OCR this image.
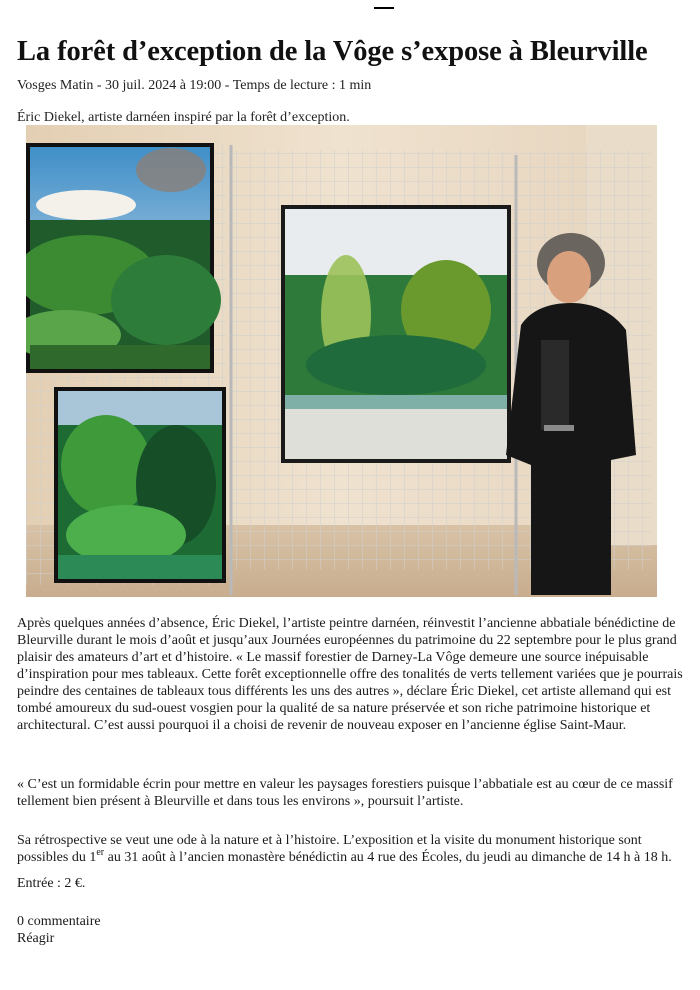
La forêt d’exception de la Vôge s’expose à Bleurville
Vosges Matin - 30 juil. 2024 à 19:00 - Temps de lecture : 1 min
Éric Diekel, artiste darnéen inspiré par la forêt d’exception.

Après quelques années d’absence, Éric Diekel, l’artiste peintre darnéen, réinvestit l’ancienne abbatiale bénédictine de Bleurville durant le mois d’août et jusqu’aux Journées européennes du patrimoine du 22 septembre pour le plus grand plaisir des amateurs d’art et d’histoire. « Le massif forestier de Darney-La Vôge demeure une source inépuisable d’inspiration pour mes tableaux. Cette forêt exceptionnelle offre des tonalités de verts tellement variées que je pourrais peindre des centaines de tableaux tous différents les uns des autres », déclare Éric Diekel, cet artiste allemand qui est tombé amoureux du sud-ouest vosgien pour la qualité de sa nature préservée et son riche patrimoine historique et architectural. C’est aussi pourquoi il a choisi de revenir de nouveau exposer en l’ancienne église Saint-Maur.

« C’est un formidable écrin pour mettre en valeur les paysages forestiers puisque l’abbatiale est au cœur de ce massif tellement bien présent à Bleurville et dans tous les environs », poursuit l’artiste.

Sa rétrospective se veut une ode à la nature et à l’histoire. L’exposition et la visite du monument historique sont possibles du 1er au 31 août à l’ancien monastère bénédictin au 4 rue des Écoles, du jeudi au dimanche de 14 h à 18 h.

Entrée : 2 €.

0 commentaire
Réagir
